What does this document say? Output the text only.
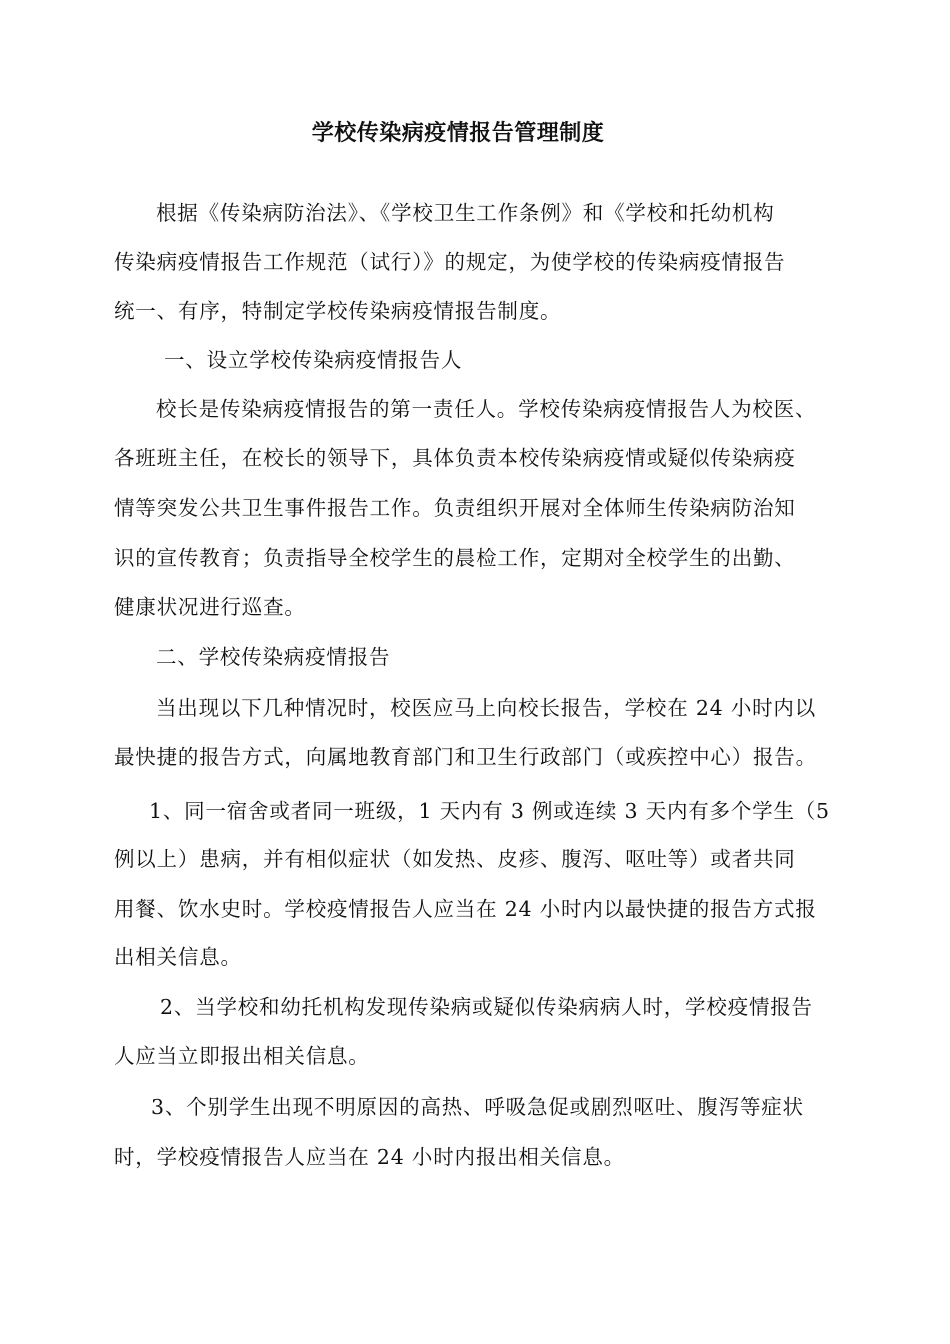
学校传染病疫情报告管理制度
根据《传染病防治法》、《学校卫生工作条例》和《学校和托幼机构
传染病疫情报告工作规范（试行）》的规定，为使学校的传染病疫情报告
统一、有序，特制定学校传染病疫情报告制度。
一、设立学校传染病疫情报告人
校长是传染病疫情报告的第一责任人。学校传染病疫情报告人为校医、
各班班主任，在校长的领导下，具体负责本校传染病疫情或疑似传染病疫
情等突发公共卫生事件报告工作。负责组织开展对全体师生传染病防治知
识的宣传教育；负责指导全校学生的晨检工作，定期对全校学生的出勤、
健康状况进行巡查。
二、学校传染病疫情报告
当出现以下几种情况时，校医应马上向校长报告，学校在 24 小时内以
最快捷的报告方式，向属地教育部门和卫生行政部门（或疾控中心）报告。
1、同一宿舍或者同一班级，1 天内有 3 例或连续 3 天内有多个学生（5
例以上）患病，并有相似症状（如发热、皮疹、腹泻、呕吐等）或者共同
用餐、饮水史时。学校疫情报告人应当在 24 小时内以最快捷的报告方式报
出相关信息。
2、当学校和幼托机构发现传染病或疑似传染病病人时，学校疫情报告
人应当立即报出相关信息。
3、个别学生出现不明原因的高热、呼吸急促或剧烈呕吐、腹泻等症状
时，学校疫情报告人应当在 24 小时内报出相关信息。
